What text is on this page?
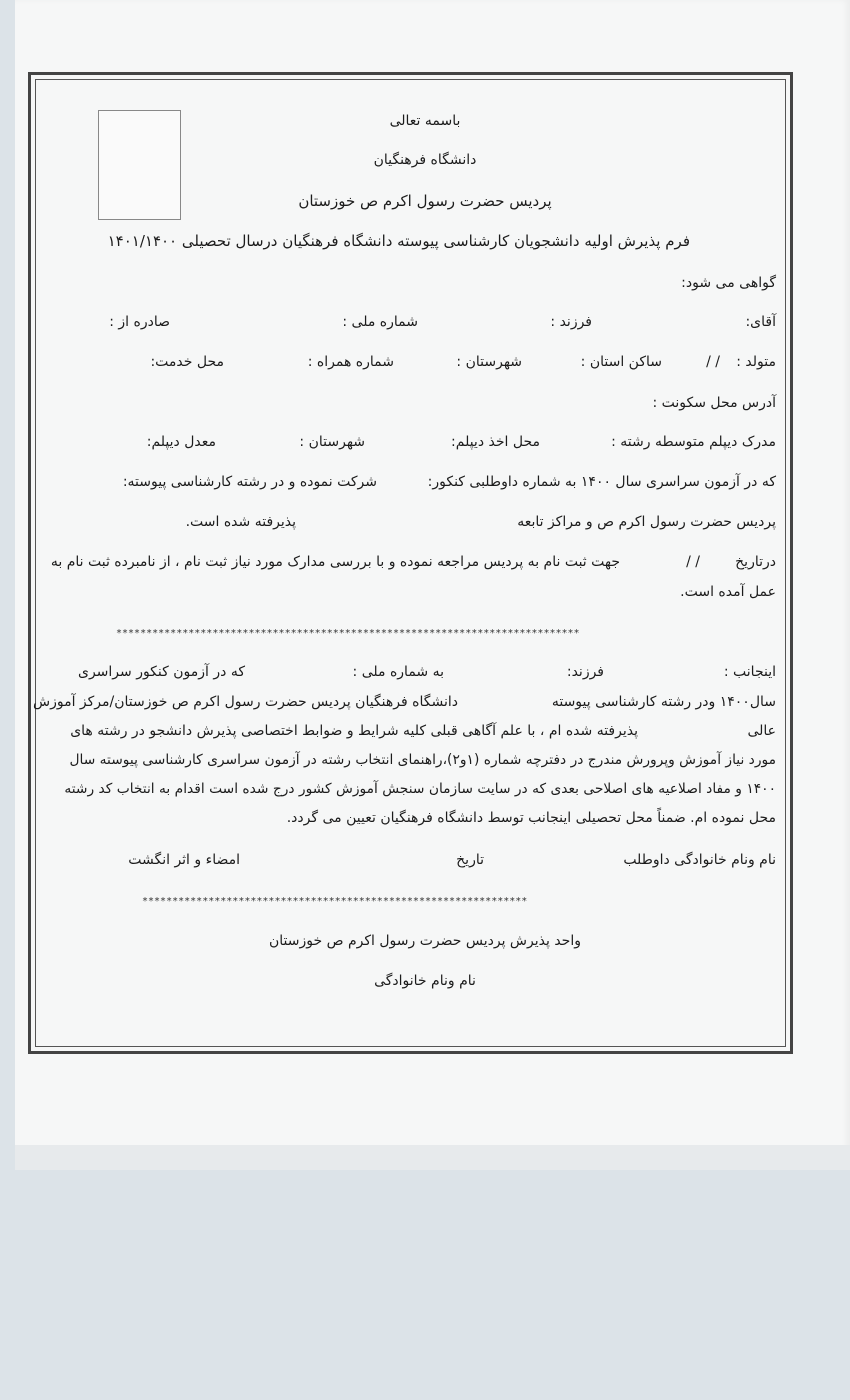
باسمه تعالی
دانشگاه فرهنگیان
پردیس حضرت رسول اکرم ص خوزستان
فرم پذیرش اولیه دانشجویان کارشناسی پیوسته دانشگاه فرهنگیان درسال تحصیلی ۱۴۰۱/۱۴۰۰
گواهی می شود:
آقای:
فرزند :
شماره ملی :
صادره از :
متولد :
/ /
ساکن استان :
شهرستان :
شماره همراه :
محل خدمت:
آدرس محل سکونت :
مدرک دیپلم متوسطه رشته :
محل اخذ دیپلم:
شهرستان :
معدل دیپلم:
که در آزمون سراسری سال ۱۴۰۰ به شماره داوطلبی کنکور:
شرکت نموده و در رشته کارشناسی پیوسته:
پردیس حضرت رسول اکرم ص و مراکز تابعه
پذیرفته شده است.
درتاریخ
/ /
جهت ثبت نام به پردیس مراجعه نموده و با بررسی مدارک مورد نیاز ثبت نام ، از نامبرده ثبت نام به
عمل آمده است.
*****************************************************************************
اینجانب :
فرزند:
به شماره ملی :
که در آزمون کنکور سراسری
سال۱۴۰۰ ودر رشته کارشناسی پیوسته
دانشگاه فرهنگیان پردیس حضرت رسول اکرم ص خوزستان/مرکز آموزش
عالی
پذیرفته شده ام ، با علم آگاهی قبلی کلیه شرایط و ضوابط اختصاصی پذیرش دانشجو در رشته های
مورد نیاز آموزش وپرورش مندرج در دفترچه شماره (۱و۲)،راهنمای انتخاب رشته در آزمون سراسری کارشناسی پیوسته سال
۱۴۰۰ و مفاد اصلاعیه های اصلاحی بعدی که در سایت سازمان سنجش آموزش کشور درج شده است اقدام به انتخاب کد رشته
محل نموده ام. ضمناً محل تحصیلی اینجانب توسط دانشگاه فرهنگیان تعیین می گردد.
نام ونام خانوادگی داوطلب
تاریخ
امضاء و اثر انگشت
****************************************************************
واحد پذیرش پردیس حضرت رسول اکرم ص خوزستان
نام ونام خانوادگی
